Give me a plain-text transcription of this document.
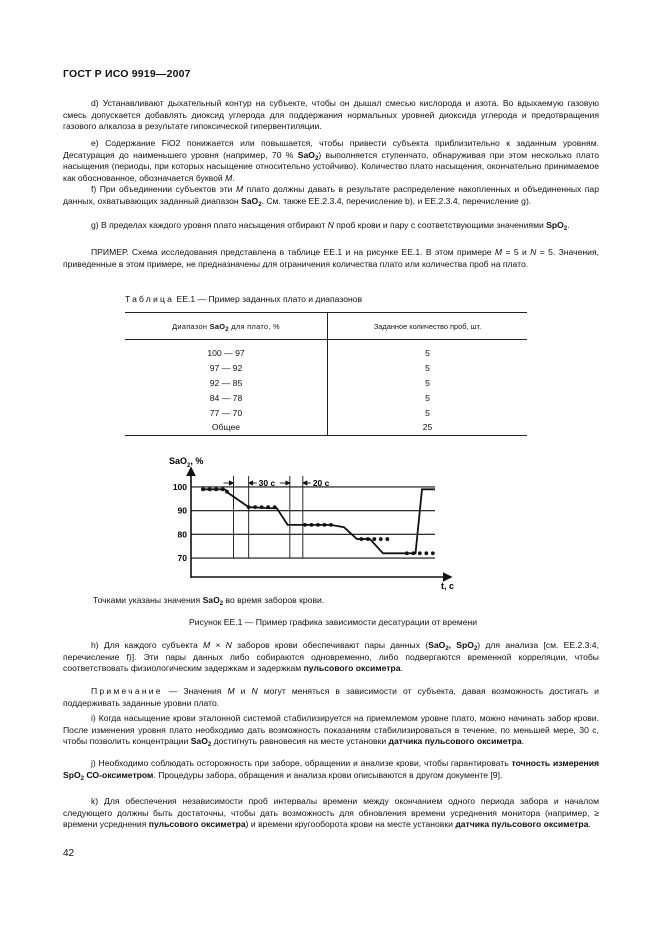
ГОСТ Р ИСО 9919—2007
d) Устанавливают дыхательный контур на субъекте, чтобы он дышал смесью кислорода и азота. Во вдыхаемую газовую смесь допускается добавлять диоксид углерода для поддержания нормальных уровней диоксида углерода и предотвращения газового алкалоза в результате гипоксической гипервентиляции.
e) Содержание FiO2 понижается или повышается, чтобы привести субъекта приблизительно к заданным уровням. Десатурация до наименьшего уровня (например, 70 % SaO$_2$) выполняется ступенчато, обнаруживая при этом несколько плато насыщения (периоды, при которых насыщение относительно устойчиво). Количество плато насыщения, окончательно принимаемое как обоснованное, обозначается буквой M.
f) При объединении субъектов эти M плато должны давать в результате распределение накопленных и объединенных пар данных, охватывающих заданный диапазон SaO$_2$. См. также EE.2.3.4, перечисление b), и EE.2.3.4, перечисление g).
g) В пределах каждого уровня плато насыщения отбирают N проб крови и пару с соответствующими значениями SpO$_2$.
ПРИМЕР. Схема исследования представлена в таблице ЕЕ.1 и на рисунке ЕЕ.1. В этом примере M = 5 и N = 5. Значения, приведенные в этом примере, не предназначены для ограничения количества плато или количества проб на плато.
Таблица ЕЕ.1 — Пример заданных плато и диапазонов
Диапазон SaO$_2$ для плато, %	Заданное количество проб, шт.

100 — 97	5
97 — 92	5
92 — 85	5
84 — 78	5
77 — 70	5
Общее	25
SaO$_2$, %
t, c
100
90
80
70
30 c	20 c
Точками указаны значения SaO$_2$ во время заборов крови.
Рисунок ЕЕ.1 — Пример графика зависимости десатурации от времени
h) Для каждого субъекта M × N заборов крови обеспечивают пары данных (SaO$_2$, SpO$_2$) для анализа [см. EE.2.3.4, перечисление f)]. Эти пары данных либо собираются одновременно, либо подвергаются временной корреляции, чтобы соответствовать физиологическим задержкам и задержкам пульсового оксиметра.
Примечание — Значения M и N могут меняться в зависимости от субъекта, давая возможность достигать и поддерживать заданные уровни плато.
i) Когда насыщение крови эталонной системой стабилизируется на приемлемом уровне плато, можно начинать забор крови. После изменения уровня плато необходимо дать возможность показаниям стабилизироваться в течение, по меньшей мере, 30 с, чтобы позволить концентрации SaO$_2$ достигнуть равновесия на месте установки датчика пульсового оксиметра.
j) Необходимо соблюдать осторожность при заборе, обращении и анализе крови, чтобы гарантировать точность измерения SpO$_2$ СО-оксиметром. Процедуры забора, обращения и анализа крови описываются в другом документе [9].
k) Для обеспечения независимости проб интервалы времени между окончанием одного периода забора и началом следующего должны быть достаточны, чтобы дать возможность для обновления времени усреднения монитора (например, ≥ времени усреднения пульсового оксиметра) и времени кругооборота крови на месте установки датчика пульсового оксиметра.
42
